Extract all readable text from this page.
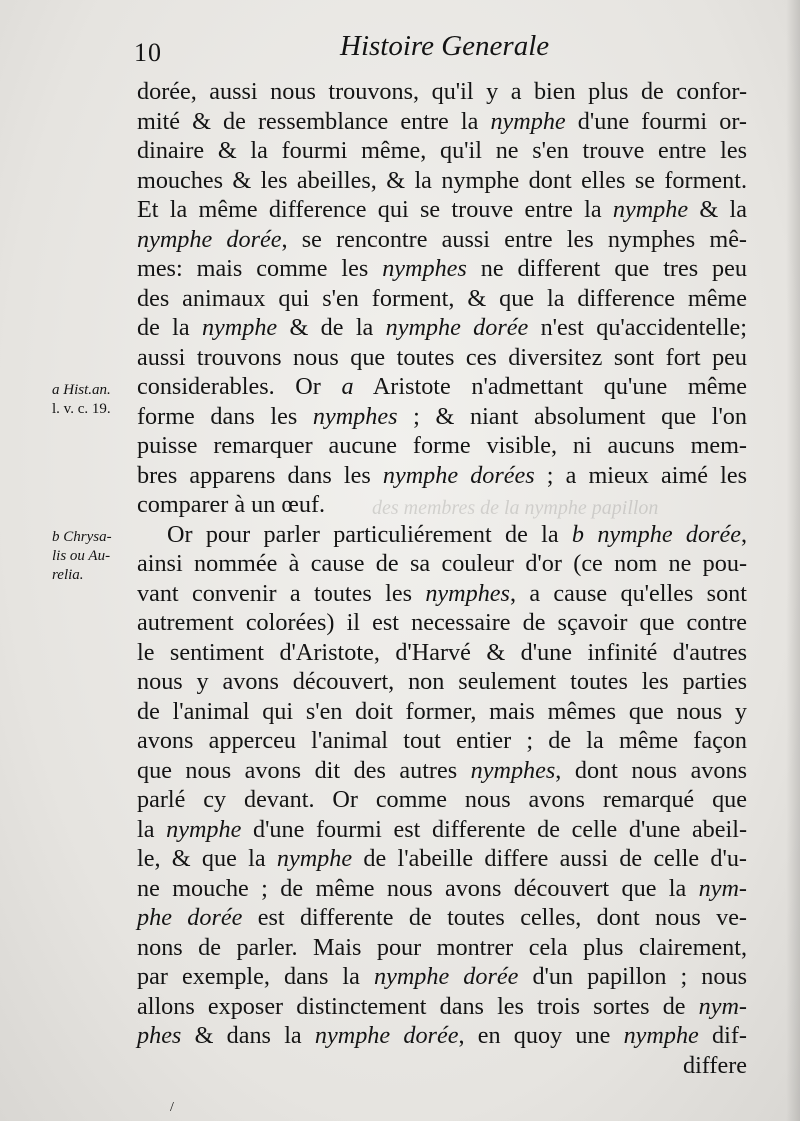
10	Histoire Generale
a Hist.an.
l. v. c. 19.
b Chrysa-
lis ou Au-
relia.
des membres de la nymphe papillon
dorée, aussi nous trouvons, qu'il y a bien plus de confor-
mité & de ressemblance entre la nymphe d'une fourmi or-
dinaire & la fourmi même, qu'il ne s'en trouve entre les
mouches & les abeilles, & la nymphe dont elles se forment.
Et la même difference qui se trouve entre la nymphe & la
nymphe dorée, se rencontre aussi entre les nymphes mê-
mes: mais comme les nymphes ne different que tres peu
des animaux qui s'en forment, & que la difference même
de la nymphe & de la nymphe dorée n'est qu'accidentelle;
aussi trouvons nous que toutes ces diversitez sont fort peu
considerables. Or a Aristote n'admettant qu'une même
forme dans les nymphes ; & niant absolument que l'on
puisse remarquer aucune forme visible, ni aucuns mem-
bres apparens dans les nymphe dorées ; a mieux aimé les
comparer à un œuf.
Or pour parler particuliérement de la b nymphe dorée,
ainsi nommée à cause de sa couleur d'or (ce nom ne pou-
vant convenir a toutes les nymphes, a cause qu'elles sont
autrement colorées) il est necessaire de sçavoir que contre
le sentiment d'Aristote, d'Harvé & d'une infinité d'autres
nous y avons découvert, non seulement toutes les parties
de l'animal qui s'en doit former, mais mêmes que nous y
avons apperceu l'animal tout entier ; de la même façon
que nous avons dit des autres nymphes, dont nous avons
parlé cy devant. Or comme nous avons remarqué que
la nymphe d'une fourmi est differente de celle d'une abeil-
le, & que la nymphe de l'abeille differe aussi de celle d'u-
ne mouche ; de même nous avons découvert que la nym-
phe dorée est differente de toutes celles, dont nous ve-
nons de parler. Mais pour montrer cela plus clairement,
par exemple, dans la nymphe dorée d'un papillon ; nous
allons exposer distinctement dans les trois sortes de nym-
phes & dans la nymphe dorée, en quoy une nymphe dif-
differe
/
